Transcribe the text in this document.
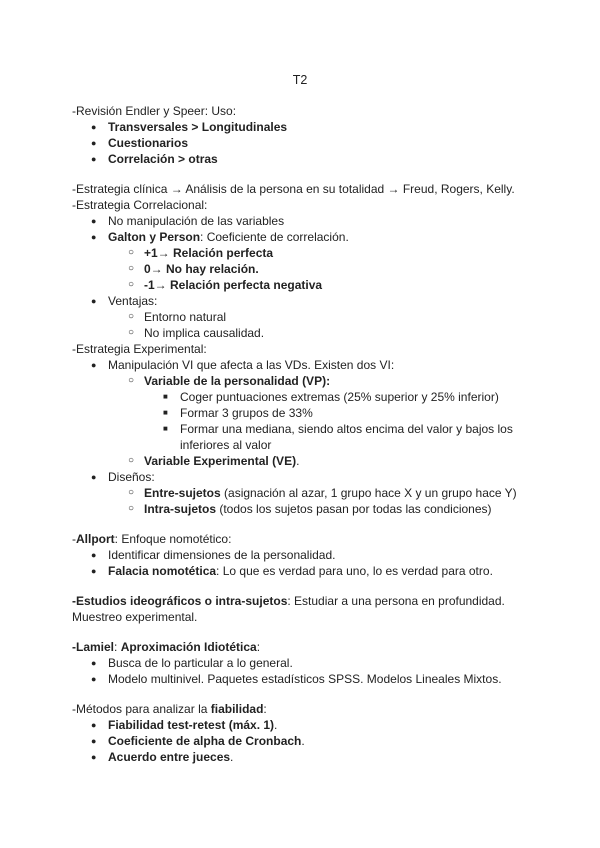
T2
-Revisión Endler y Speer: Uso:
● Transversales > Longitudinales
● Cuestionarios
● Correlación > otras
-Estrategia clínica → Análisis de la persona en su totalidad → Freud, Rogers, Kelly.
-Estrategia Correlacional:
● No manipulación de las variables
● Galton y Person: Coeficiente de correlación.
○ +1→ Relación perfecta
○ 0→ No hay relación.
○ -1→ Relación perfecta negativa
● Ventajas:
○ Entorno natural
○ No implica causalidad.
-Estrategia Experimental:
● Manipulación VI que afecta a las VDs. Existen dos VI:
○ Variable de la personalidad (VP):
■ Coger puntuaciones extremas (25% superior y 25% inferior)
■ Formar 3 grupos de 33%
■ Formar una mediana, siendo altos encima del valor y bajos los
inferiores al valor
○ Variable Experimental (VE).
● Diseños:
○ Entre-sujetos (asignación al azar, 1 grupo hace X y un grupo hace Y)
○ Intra-sujetos (todos los sujetos pasan por todas las condiciones)
-Allport: Enfoque nomotético:
● Identificar dimensiones de la personalidad.
● Falacia nomotética: Lo que es verdad para uno, lo es verdad para otro.
-Estudios ideográficos o intra-sujetos: Estudiar a una persona en profundidad.
Muestreo experimental.
-Lamiel: Aproximación Idiotética:
● Busca de lo particular a lo general.
● Modelo multinivel. Paquetes estadísticos SPSS. Modelos Lineales Mixtos.
-Métodos para analizar la fiabilidad:
● Fiabilidad test-retest (máx. 1).
● Coeficiente de alpha de Cronbach.
● Acuerdo entre jueces.
